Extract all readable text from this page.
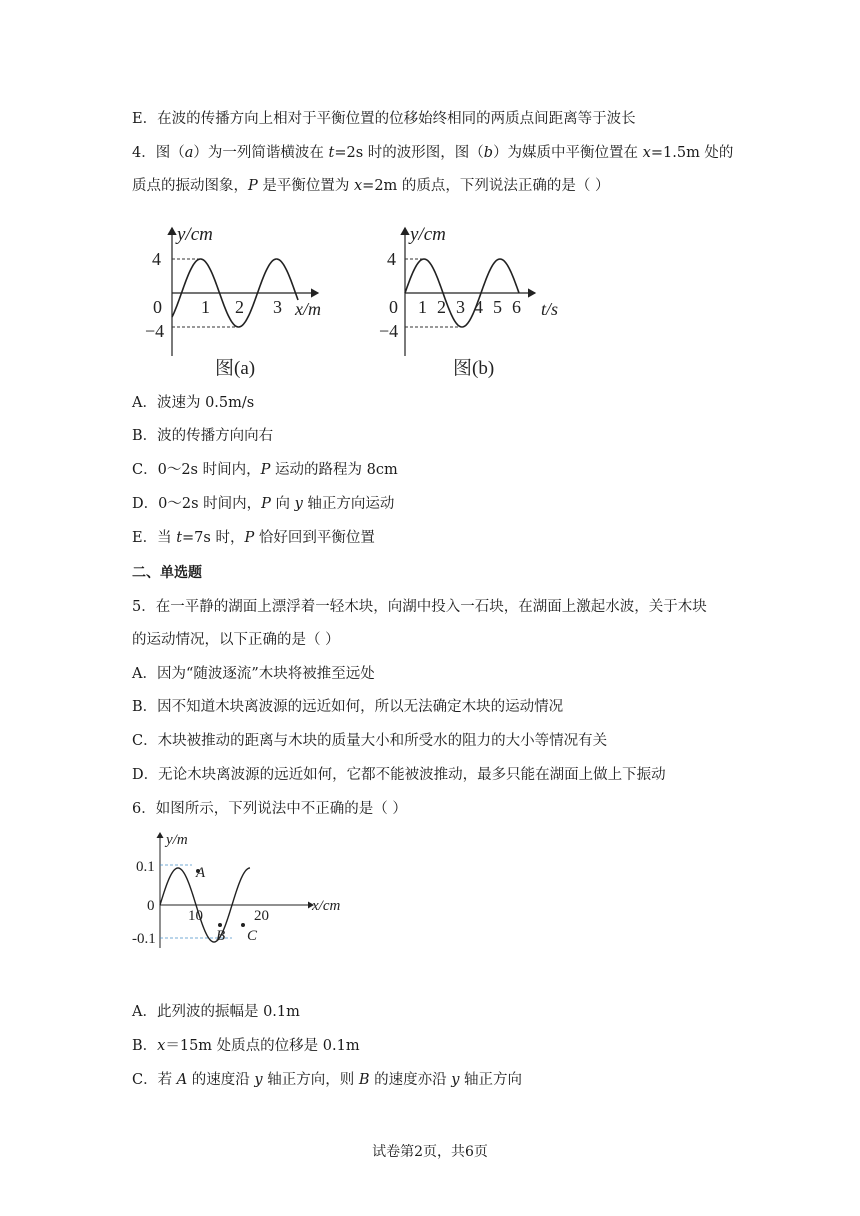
E．在波的传播方向上相对于平衡位置的位移始终相同的两质点间距离等于波长
4．图（a）为一列简谐横波在 t=2s 时的波形图，图（b）为媒质中平衡位置在 x=1.5m 处的
质点的振动图象，P 是平衡位置为 x=2m 的质点，下列说法正确的是（ ）
y/cm
x/m
4
−4
0 1 2 3
图(a)
y/cm
t/s
4
−4
0 1 2 3 4 5 6
图(b)
A．波速为 0.5m/s
B．波的传播方向向右
C．0～2s 时间内，P 运动的路程为 8cm
D．0～2s 时间内，P 向 y 轴正方向运动
E．当 t=7s 时，P 恰好回到平衡位置
二、单选题
5．在一平静的湖面上漂浮着一轻木块，向湖中投入一石块，在湖面上激起水波，关于木块
的运动情况，以下正确的是（ ）
A．因为“随波逐流”木块将被推至远处
B．因不知道木块离波源的远近如何，所以无法确定木块的运动情况
C．木块被推动的距离与木块的质量大小和所受水的阻力的大小等情况有关
D．无论木块离波源的远近如何，它都不能被波推动，最多只能在湖面上做上下振动
6．如图所示，下列说法中不正确的是（ ）
y/m
x/cm
0.1
-0.1
0
10	20
A
B C
A．此列波的振幅是 0.1m
B．x＝15m 处质点的位移是 0.1m
C．若 A 的速度沿 y 轴正方向，则 B 的速度亦沿 y 轴正方向
试卷第2页，共6页
